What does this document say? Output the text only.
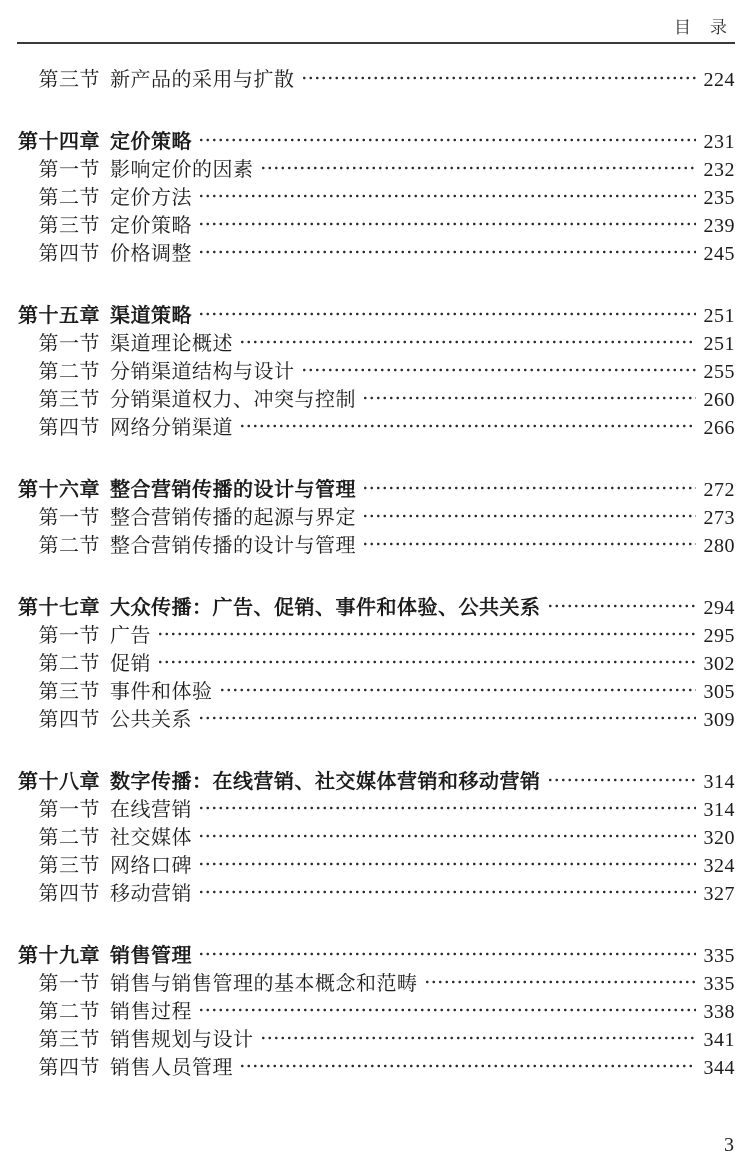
目　录
第三节 新产品的采用与扩散	224
第十四章 定价策略	231
第一节 影响定价的因素	232
第二节 定价方法	235
第三节 定价策略	239
第四节 价格调整	245
第十五章 渠道策略	251
第一节 渠道理论概述	251
第二节 分销渠道结构与设计	255
第三节 分销渠道权力、冲突与控制	260
第四节 网络分销渠道	266
第十六章 整合营销传播的设计与管理	272
第一节 整合营销传播的起源与界定	273
第二节 整合营销传播的设计与管理	280
第十七章 大众传播：广告、促销、事件和体验、公共关系	294
第一节 广告	295
第二节 促销	302
第三节 事件和体验	305
第四节 公共关系	309
第十八章 数字传播：在线营销、社交媒体营销和移动营销	314
第一节 在线营销	314
第二节 社交媒体	320
第三节 网络口碑	324
第四节 移动营销	327
第十九章 销售管理	335
第一节 销售与销售管理的基本概念和范畴	335
第二节 销售过程	338
第三节 销售规划与设计	341
第四节 销售人员管理	344
3
